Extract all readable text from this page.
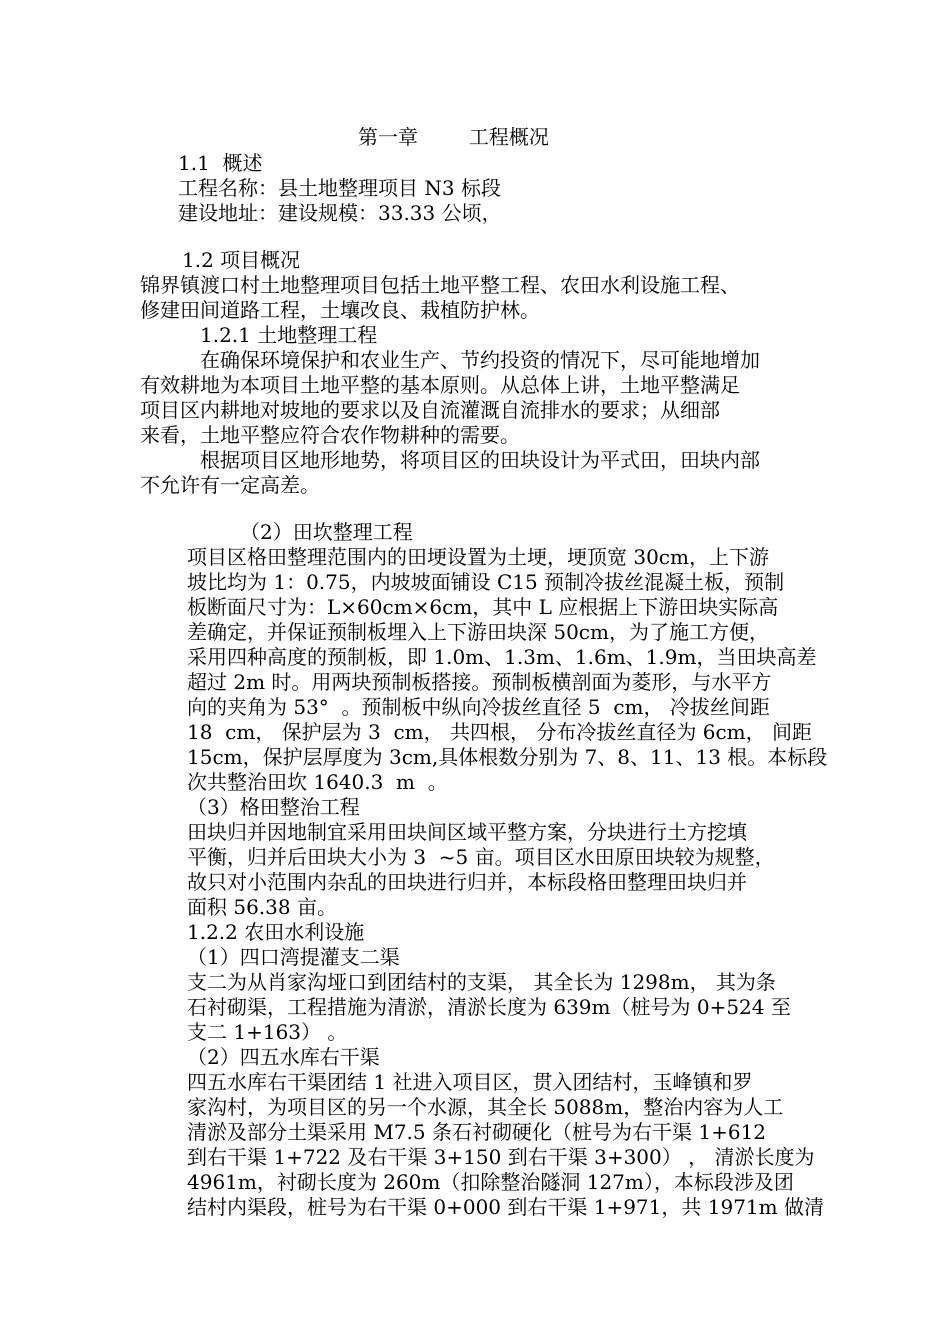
第一章        工程概况
1.1  概述
工程名称：县土地整理项目 N3 标段
建设地址：建设规模：33.33 公顷，
1.2 项目概况
锦界镇渡口村土地整理项目包括土地平整工程、农田水利设施工程、
修建田间道路工程，土壤改良、栽植防护林。
1.2.1 土地整理工程
在确保环境保护和农业生产、节约投资的情况下，尽可能地增加
有效耕地为本项目土地平整的基本原则。从总体上讲，土地平整满足
项目区内耕地对坡地的要求以及自流灌溉自流排水的要求；从细部
来看，土地平整应符合农作物耕种的需要。
根据项目区地形地势，将项目区的田块设计为平式田，田块内部
不允许有一定高差。
（2）田坎整理工程
项目区格田整理范围内的田埂设置为土埂，埂顶宽 30cm，上下游
坡比均为 1：0.75，内坡坡面铺设 C15 预制冷拔丝混凝土板，预制
板断面尺寸为：L×60cm×6cm，其中 L 应根据上下游田块实际高
差确定，并保证预制板埋入上下游田块深 50cm，为了施工方便，
采用四种高度的预制板，即 1.0m、1.3m、1.6m、1.9m，当田块高差
超过 2m 时。用两块预制板搭接。预制板横剖面为菱形，与水平方
向的夹角为 53°  。预制板中纵向冷拔丝直径 5  cm， 冷拔丝间距
18  cm， 保护层为 3  cm， 共四根， 分布冷拔丝直径为 6cm， 间距
15cm，保护层厚度为 3cm,具体根数分别为 7、8、11、13 根。本标段
次共整治田坎 1640.3  m  。
（3）格田整治工程
田块归并因地制宜采用田块间区域平整方案，分块进行土方挖填
平衡，归并后田块大小为 3  ~5 亩。项目区水田原田块较为规整，
故只对小范围内杂乱的田块进行归并，本标段格田整理田块归并
面积 56.38 亩。
1.2.2 农田水利设施
（1）四口湾提灌支二渠
支二为从肖家沟垭口到团结村的支渠， 其全长为 1298m， 其为条
石衬砌渠，工程措施为清淤，清淤长度为 639m（桩号为 0+524 至
支二 1+163） 。
（2）四五水库右干渠
四五水库右干渠团结 1 社进入项目区，贯入团结村，玉峰镇和罗
家沟村，为项目区的另一个水源，其全长 5088m，整治内容为人工
清淤及部分土渠采用 M7.5 条石衬砌硬化（桩号为右干渠 1+612
到右干渠 1+722 及右干渠 3+150 到右干渠 3+300） ， 清淤长度为
4961m，衬砌长度为 260m（扣除整治隧洞 127m），本标段涉及团
结村内渠段，桩号为右干渠 0+000 到右干渠 1+971，共 1971m 做清
